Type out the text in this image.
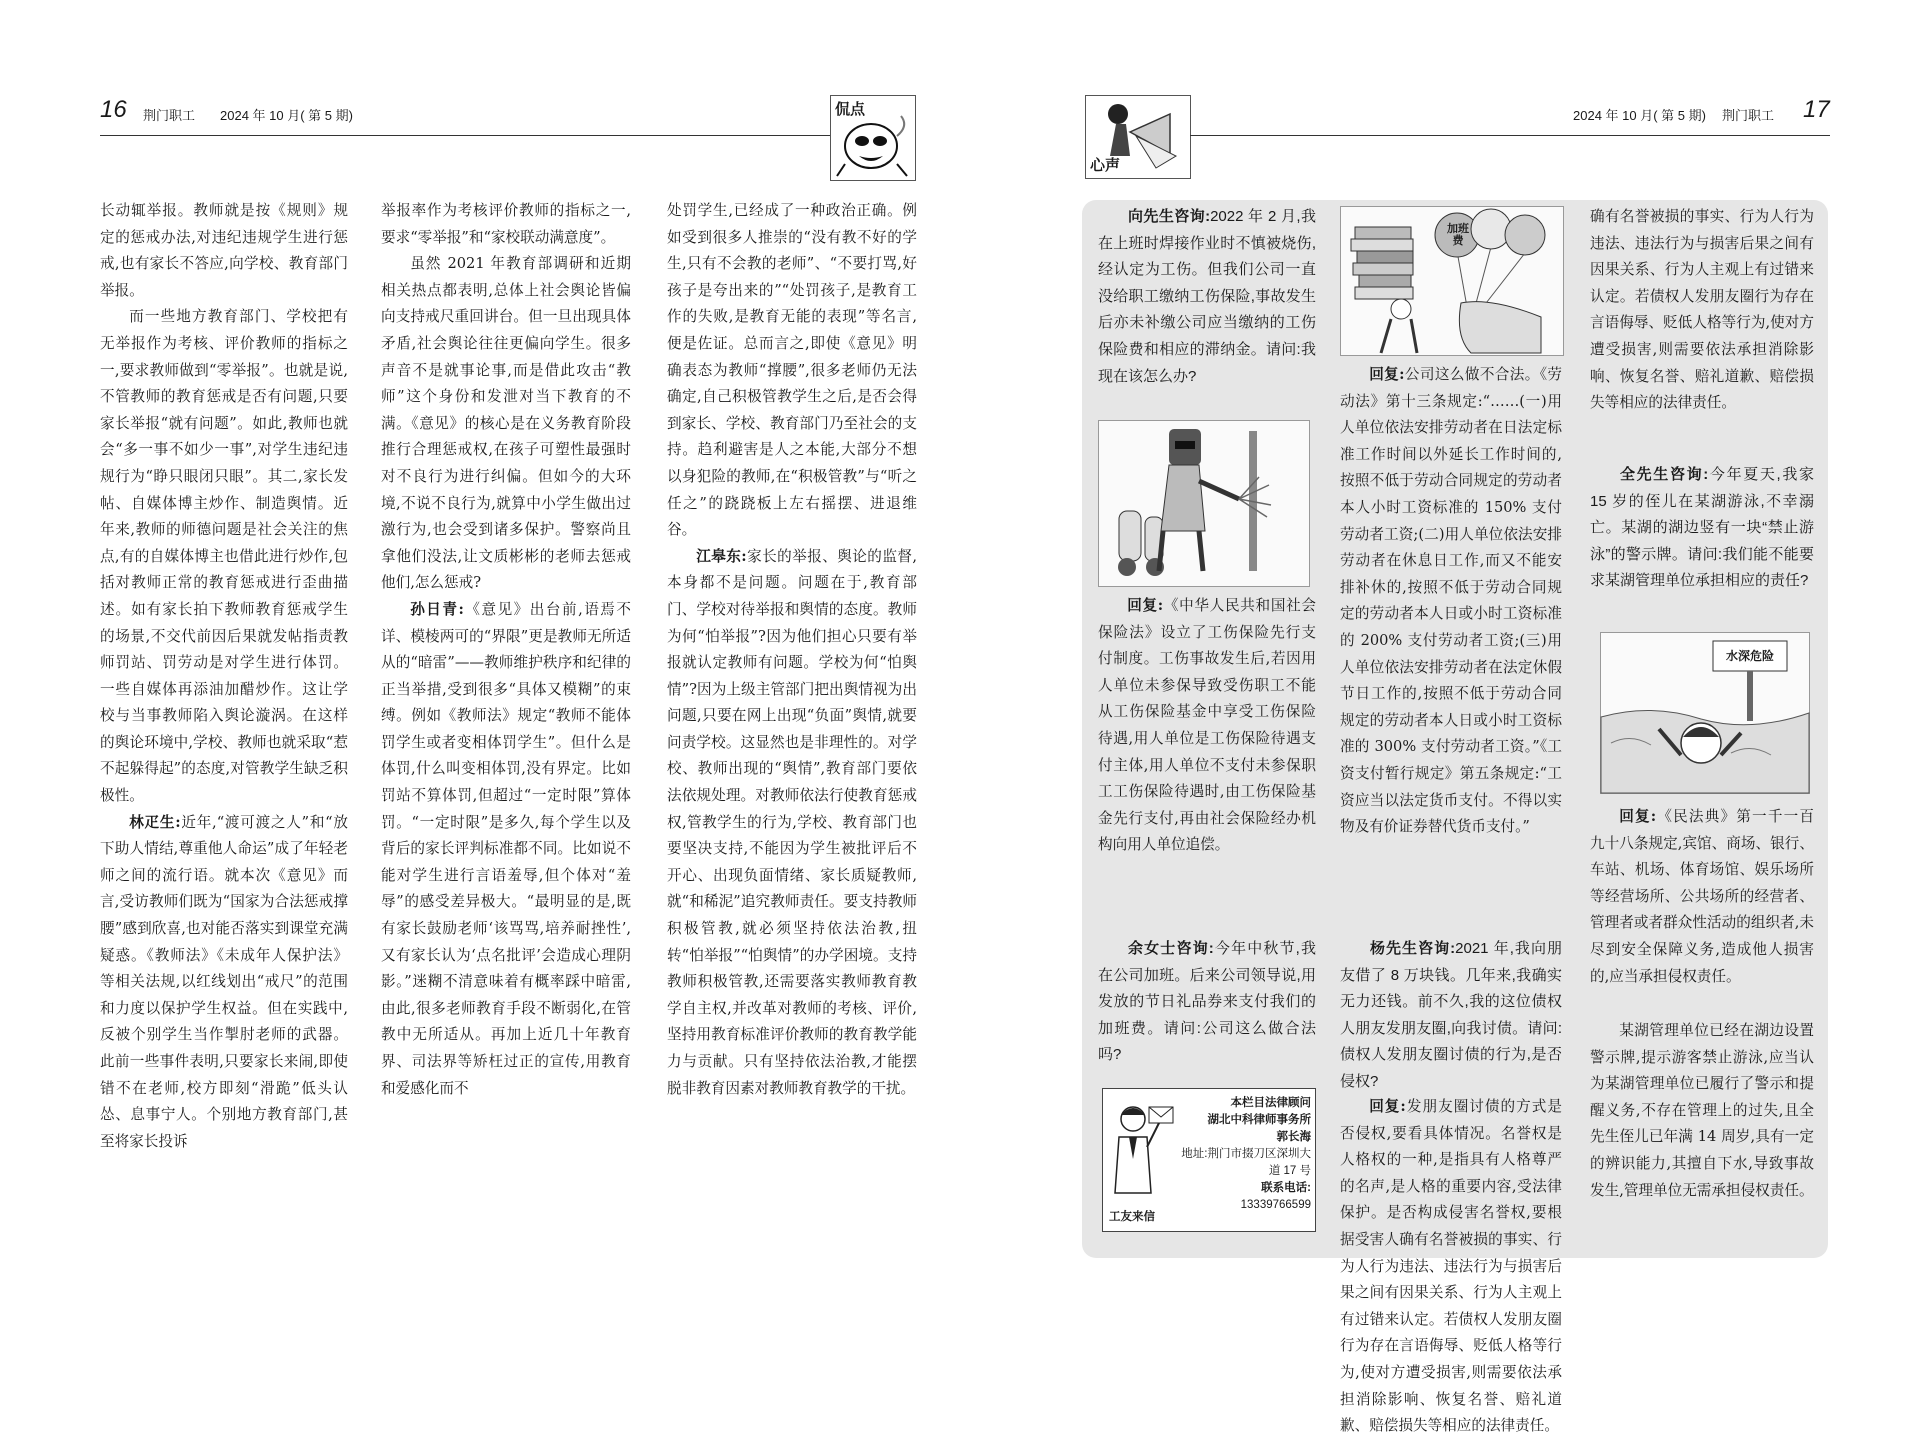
16 荆门职工 2024 年 10 月( 第 5 期)	侃点

长动辄举报。教师就是按《规则》规定的惩戒办法,对违纪违规学生进行惩戒,也有家长不答应,向学校、教育部门举报。

而一些地方教育部门、学校把有无举报作为考核、评价教师的指标之一,要求教师做到“零举报”。也就是说,不管教师的教育惩戒是否有问题,只要家长举报“就有问题”。如此,教师也就会“多一事不如少一事”,对学生违纪违规行为“睁只眼闭只眼”。其二,家长发帖、自媒体博主炒作、制造舆情。近年来,教师的师德问题是社会关注的焦点,有的自媒体博主也借此进行炒作,包括对教师正常的教育惩戒进行歪曲描述。如有家长拍下教师教育惩戒学生的场景,不交代前因后果就发帖指责教师罚站、罚劳动是对学生进行体罚。一些自媒体再添油加醋炒作。这让学校与当事教师陷入舆论漩涡。在这样的舆论环境中,学校、教师也就采取“惹不起躲得起”的态度,对管教学生缺乏积极性。

林疋生:近年,“渡可渡之人”和“放下助人情结,尊重他人命运”成了年轻老师之间的流行语。就本次《意见》而言,受访教师们既为“国家为合法惩戒撑腰”感到欣喜,也对能否落实到课堂充满疑惑。《教师法》《未成年人保护法》等相关法规,以红线划出“戒尺”的范围和力度以保护学生权益。但在实践中,反被个别学生当作掣肘老师的武器。此前一些事件表明,只要家长来闹,即使错不在老师,校方即刻“滑跪”低头认怂、息事宁人。个别地方教育部门,甚至将家长投诉

举报率作为考核评价教师的指标之一,要求“零举报”和“家校联动满意度”。

虽然 2021 年教育部调研和近期相关热点都表明,总体上社会舆论皆偏向支持戒尺重回讲台。但一旦出现具体矛盾,社会舆论往往更偏向学生。很多声音不是就事论事,而是借此攻击“教师”这个身份和发泄对当下教育的不满。《意见》的核心是在义务教育阶段推行合理惩戒权,在孩子可塑性最强时对不良行为进行纠偏。但如今的大环境,不说不良行为,就算中小学生做出过激行为,也会受到诸多保护。警察尚且拿他们没法,让文质彬彬的老师去惩戒他们,怎么惩戒?

孙日青:《意见》出台前,语焉不详、模棱两可的“界限”更是教师无所适从的“暗雷”——教师维护秩序和纪律的正当举措,受到很多“具体又模糊”的束缚。例如《教师法》规定“教师不能体罚学生或者变相体罚学生”。但什么是体罚,什么叫变相体罚,没有界定。比如罚站不算体罚,但超过“一定时限”算体罚。“一定时限”是多久,每个学生以及背后的家长评判标准都不同。比如说不能对学生进行言语羞辱,但个体对“羞辱”的感受差异极大。“最明显的是,既有家长鼓励老师‘该骂骂,培养耐挫性’,又有家长认为‘点名批评’会造成心理阴影。”迷糊不清意味着有概率踩中暗雷,由此,很多老师教育手段不断弱化,在管教中无所适从。再加上近几十年教育界、司法界等矫枉过正的宣传,用教育和爱感化而不

处罚学生,已经成了一种政治正确。例如受到很多人推崇的“没有教不好的学生,只有不会教的老师”、“不要打骂,好孩子是夸出来的”“处罚孩子,是教育工作的失败,是教育无能的表现”等名言,便是佐证。总而言之,即使《意见》明确表态为教师“撑腰”,很多老师仍无法确定,自己积极管教学生之后,是否会得到家长、学校、教育部门乃至社会的支持。趋利避害是人之本能,大部分不想以身犯险的教师,在“积极管教”与“听之任之”的跷跷板上左右摇摆、进退维谷。

江皋东:家长的举报、舆论的监督,本身都不是问题。问题在于,教育部门、学校对待举报和舆情的态度。教师为何“怕举报”?因为他们担心只要有举报就认定教师有问题。学校为何“怕舆情”?因为上级主管部门把出舆情视为出问题,只要在网上出现“负面”舆情,就要问责学校。这显然也是非理性的。对学校、教师出现的“舆情”,教育部门要依法依规处理。对教师依法行使教育惩戒权,管教学生的行为,学校、教育部门也要坚决支持,不能因为学生被批评后不开心、出现负面情绪、家长质疑教师,就“和稀泥”追究教师责任。要支持教师积极管教,就必须坚持依法治教,扭转“怕举报”“怕舆情”的办学困境。支持教师积极管教,还需要落实教师教育教学自主权,并改革对教师的考核、评价,坚持用教育标准评价教师的教育教学能力与贡献。只有坚持依法治教,才能摆脱非教育因素对教师教育教学的干扰。

心声
2024 年 10 月( 第 5 期) 荆门职工 17

向先生咨询:2022 年 2 月,我在上班时焊接作业时不慎被烧伤,经认定为工伤。但我们公司一直没给职工缴纳工伤保险,事故发生后亦未补缴公司应当缴纳的工伤保险费和相应的滞纳金。请问:我现在该怎么办?

回复:《中华人民共和国社会保险法》设立了工伤保险先行支付制度。工伤事故发生后,若因用人单位未参保导致受伤职工不能从工伤保险基金中享受工伤保险待遇,用人单位是工伤保险待遇支付主体,用人单位不支付未参保职工工伤保险待遇时,由工伤保险基金先行支付,再由社会保险经办机构向用人单位追偿。

余女士咨询:今年中秋节,我在公司加班。后来公司领导说,用发放的节日礼品券来支付我们的加班费。请问:公司这么做合法吗?

本栏目法律顾问
湖北中科律师事务所
郭长海
地址:荆门市掇刀区深圳大道 17 号
联系电话:
13339766599
工友来信
加班费

回复:公司这么做不合法。《劳动法》第十三条规定:“……(一)用人单位依法安排劳动者在日法定标准工作时间以外延长工作时间的,按照不低于劳动合同规定的劳动者本人小时工资标准的 150% 支付劳动者工资;(二)用人单位依法安排劳动者在休息日工作,而又不能安排补休的,按照不低于劳动合同规定的劳动者本人日或小时工资标准的 200% 支付劳动者工资;(三)用人单位依法安排劳动者在法定休假节日工作的,按照不低于劳动合同规定的劳动者本人日或小时工资标准的 300% 支付劳动者工资。”《工资支付暂行规定》第五条规定:“工资应当以法定货币支付。不得以实物及有价证券替代货币支付。”

杨先生咨询:2021 年,我向朋友借了 8 万块钱。几年来,我确实无力还钱。前不久,我的这位债权人朋友发朋友圈,向我讨债。请问:债权人发朋友圈讨债的行为,是否侵权?

回复:发朋友圈讨债的方式是否侵权,要看具体情况。名誉权是人格权的一种,是指具有人格尊严的名声,是人格的重要内容,受法律保护。是否构成侵害名誉权,要根据受害人确有名誉被损的事实、行为人行为违法、违法行为与损害后果之间有因果关系、行为人主观上有过错来认定。若债权人发朋友圈行为存在言语侮辱、贬低人格等行为,使对方遭受损害,则需要依法承担消除影响、恢复名誉、赔礼道歉、赔偿损失等相应的法律责任。

确有名誉被损的事实、行为人行为违法、违法行为与损害后果之间有因果关系、行为人主观上有过错来认定。若债权人发朋友圈行为存在言语侮辱、贬低人格等行为,使对方遭受损害,则需要依法承担消除影响、恢复名誉、赔礼道歉、赔偿损失等相应的法律责任。

全先生咨询:今年夏天,我家 15 岁的侄儿在某湖游泳,不幸溺亡。某湖的湖边竖有一块“禁止游泳”的警示牌。请问:我们能不能要求某湖管理单位承担相应的责任?

水深危险

回复:《民法典》第一千一百九十八条规定,宾馆、商场、银行、车站、机场、体育场馆、娱乐场所等经营场所、公共场所的经营者、管理者或者群众性活动的组织者,未尽到安全保障义务,造成他人损害的,应当承担侵权责任。

某湖管理单位已经在湖边设置警示牌,提示游客禁止游泳,应当认为某湖管理单位已履行了警示和提醒义务,不存在管理上的过失,且全先生侄儿已年满 14 周岁,具有一定的辨识能力,其擅自下水,导致事故发生,管理单位无需承担侵权责任。
